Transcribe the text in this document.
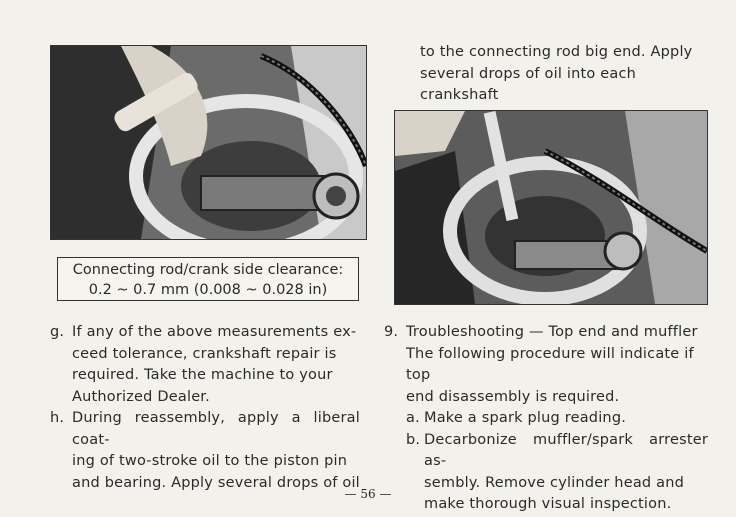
Connecting rod/crank side clearance:
0.2 ~ 0.7 mm (0.008 ~ 0.028 in)
to the connecting rod big end. Apply
several drops of oil into each crankshaft
g. If any of the above measurements ex-
ceed tolerance, crankshaft repair is
required. Take the machine to your
Authorized Dealer.
h. During reassembly, apply a liberal coat-
ing of two-stroke oil to the piston pin
and bearing. Apply several drops of oil
9. Troubleshooting — Top end and muffler
The following procedure will indicate if top
end disassembly is required.
a. Make a spark plug reading.
b. Decarbonize muffler/spark arrester as-
sembly. Remove cylinder head and
make thorough visual inspection.
— 56 —
